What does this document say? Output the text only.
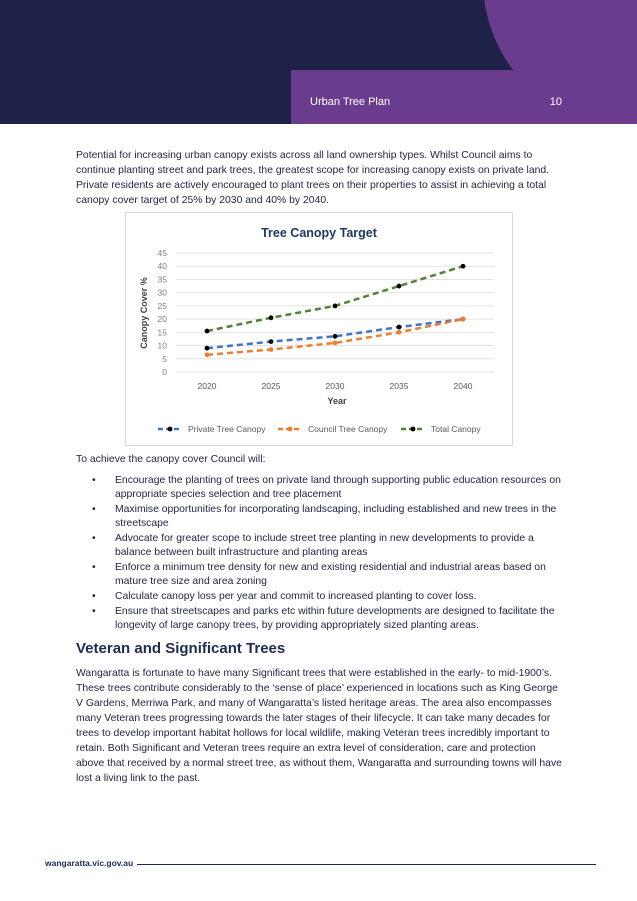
Urban Tree Plan	10

Potential for increasing urban canopy exists across all land ownership types. Whilst Council aims to continue planting street and park trees, the greatest scope for increasing canopy exists on private land. Private residents are actively encouraged to plant trees on their properties to assist in achieving a total canopy cover target of 25% by 2030 and 40% by 2040.

Tree Canopy Target
0
5
10
15
20
25
30
35
40
45
2020	2025	2030	2035	2040
Year
Canopy Cover %
Private Tree Canopy	Council Tree Canopy	Total Canopy

To achieve the canopy cover Council will:

• Encourage the planting of trees on private land through supporting public education resources on appropriate species selection and tree placement
• Maximise opportunities for incorporating landscaping, including established and new trees in the streetscape
• Advocate for greater scope to include street tree planting in new developments to provide a balance between built infrastructure and planting areas
• Enforce a minimum tree density for new and existing residential and industrial areas based on mature tree size and area zoning
• Calculate canopy loss per year and commit to increased planting to cover loss.
• Ensure that streetscapes and parks etc within future developments are designed to facilitate the longevity of large canopy trees, by providing appropriately sized planting areas.
Veteran and Significant Trees

Wangaratta is fortunate to have many Significant trees that were established in the early- to mid-1900’s. These trees contribute considerably to the ‘sense of place’ experienced in locations such as King George V Gardens, Merriwa Park, and many of Wangaratta’s listed heritage areas. The area also encompasses many Veteran trees progressing towards the later stages of their lifecycle. It can take many decades for trees to develop important habitat hollows for local wildlife, making Veteran trees incredibly important to retain. Both Significant and Veteran trees require an extra level of consideration, care and protection above that received by a normal street tree, as without them, Wangaratta and surrounding towns will have lost a living link to the past.

wangaratta.vic.gov.au
